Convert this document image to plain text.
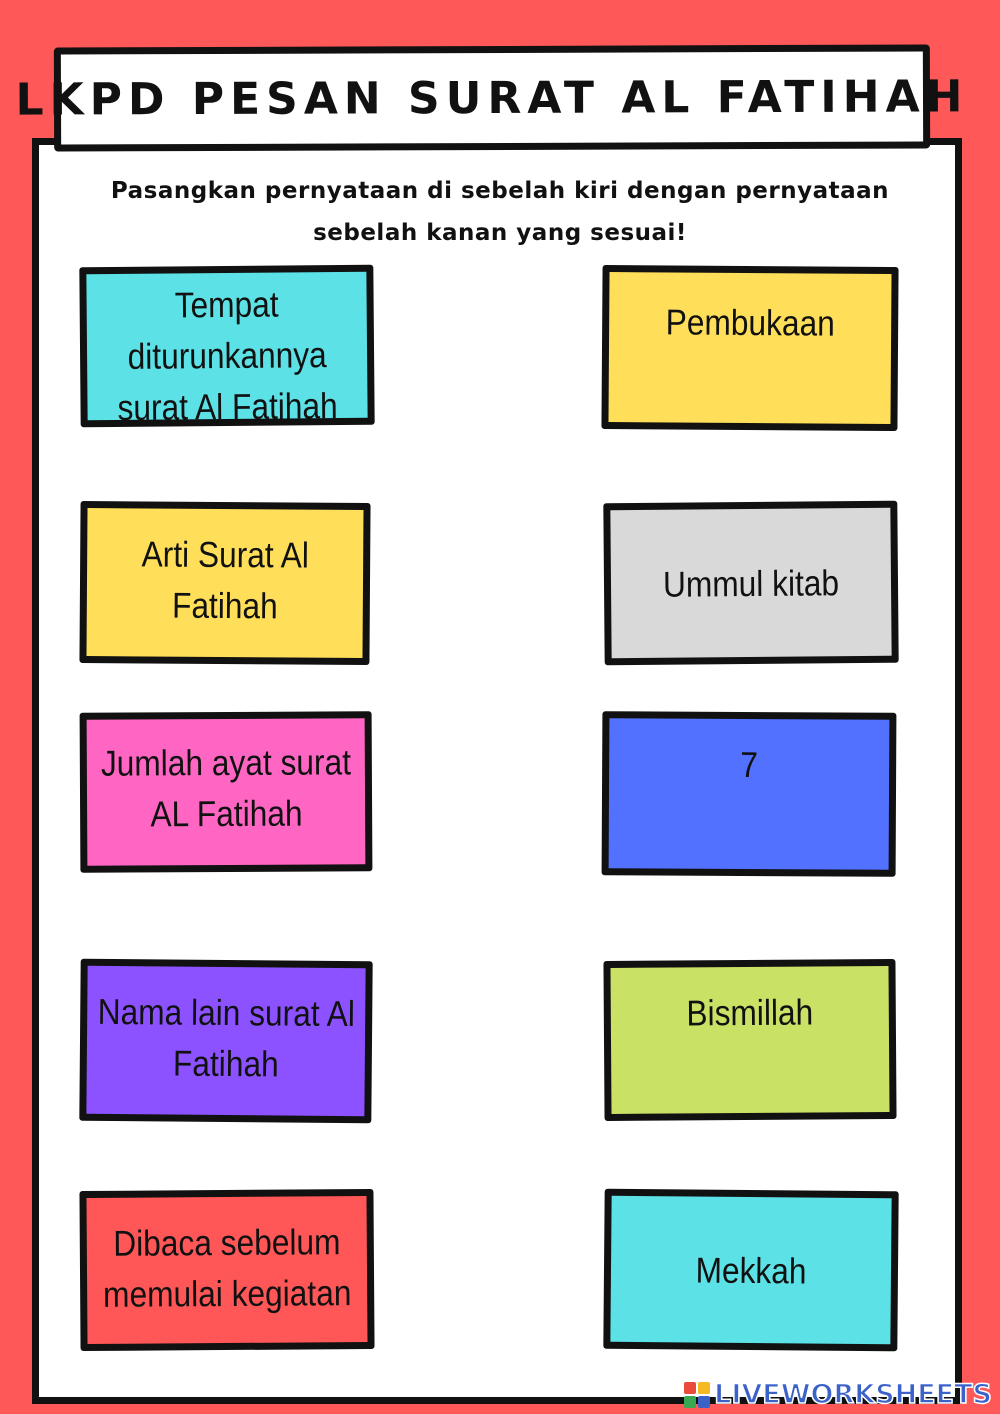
LKPD PESAN SURAT AL FATIHAH
Pasangkan pernyataan di sebelah kiri dengan pernyataan
sebelah kanan yang sesuai!
Tempat
diturunkannya
surat Al Fatihah
Arti Surat Al
Fatihah
Jumlah ayat surat
AL Fatihah
Nama lain surat Al
Fatihah
Dibaca sebelum
memulai kegiatan
Pembukaan
Ummul kitab
7
Bismillah
Mekkah
LIVEWORKSHEETS
